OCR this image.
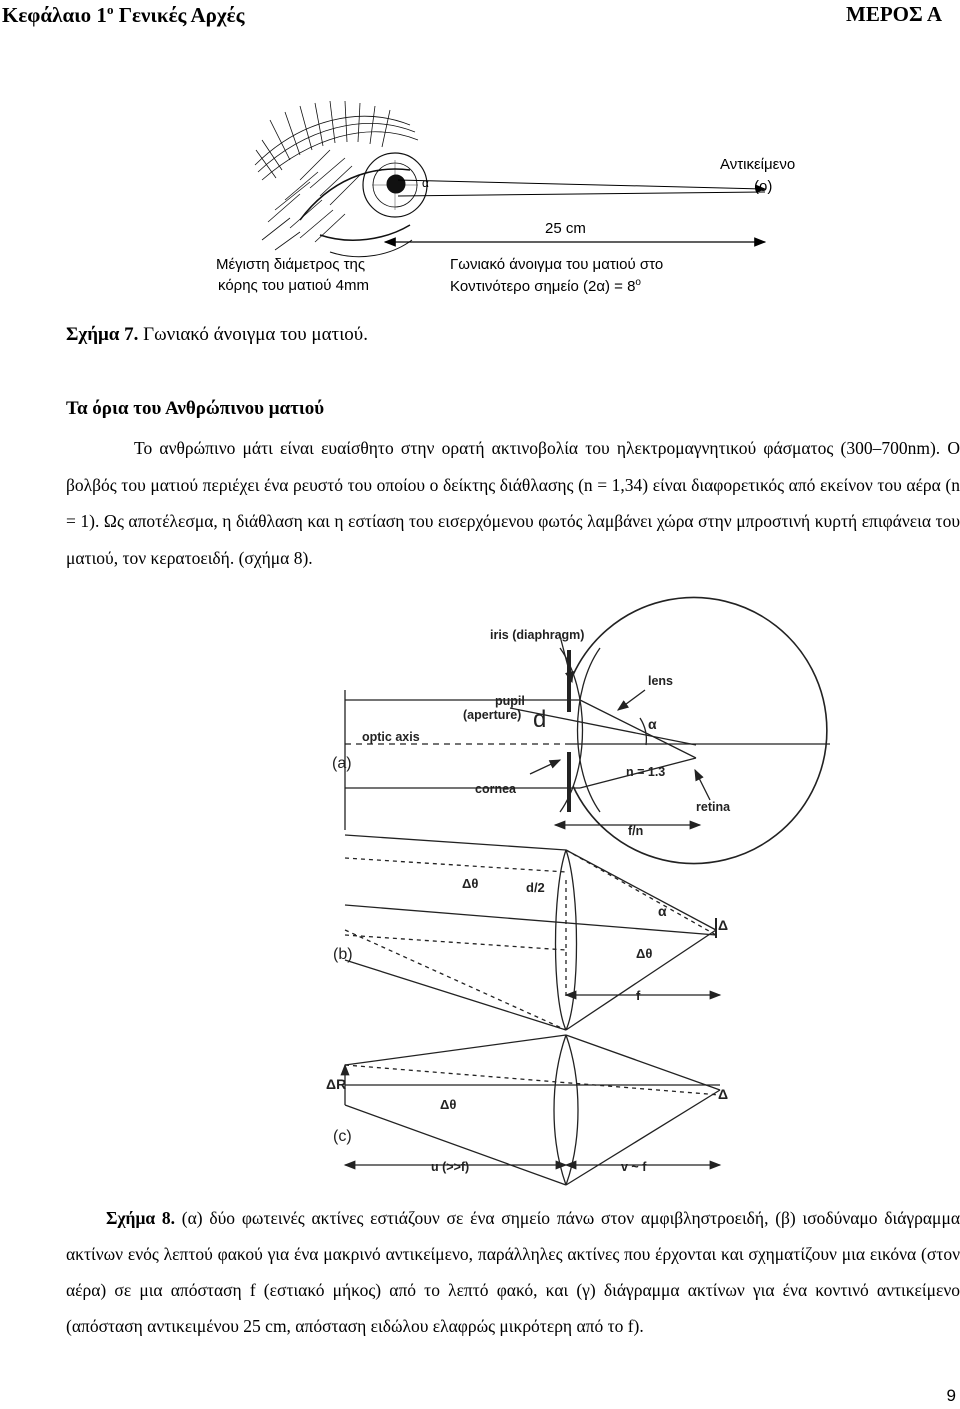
Κεφάλαιο $1^o$ Γενικές Αρχές	ΜΕΡΟΣ Α
α
Αντικείμενο
(ο)
25 cm
Μέγιστη διάμετρος της
κόρης του ματιού 4mm
Γωνιακό άνοιγμα του ματιού στο
Κοντινότερο σημείο $(2\alpha) = 8^o$
Σχήμα 7. Γωνιακό άνοιγμα του ματιού.
Τα όρια του Ανθρώπινου ματιού

Το ανθρώπινο μάτι είναι ευαίσθητο στην ορατή ακτινοβολία του ηλεκτρομαγνητικού φάσματος (300–700nm). Ο βολβός του ματιού περιέχει ένα ρευστό του οποίου ο δείκτης διάθλασης (n = 1,34) είναι διαφορετικός από εκείνον του αέρα (n = 1). Ως αποτέλεσμα, η διάθλαση και η εστίαση του εισερχόμενου φωτός λαμβάνει χώρα στην μπροστινή κυρτή επιφάνεια του ματιού, τον κερατοειδή. (σχήμα 8).

iris (diaphragm)
lens
pupil
(aperture) d
optic axis
α
(a)	n = 1.3
cornea
retina
f/n
Δθ	d/2
α
Δ
(b)	Δθ
f
ΔR
Δ
Δθ
(c)
u (>>f)	v ~ f

Σχήμα 8. (α) δύο φωτεινές ακτίνες εστιάζουν σε ένα σημείο πάνω στον αμφιβληστροειδή, (β) ισοδύναμο διάγραμμα ακτίνων ενός λεπτού φακού για ένα μακρινό αντικείμενο, παράλληλες ακτίνες που έρχονται και σχηματίζουν μια εικόνα (στον αέρα) σε μια απόσταση f (εστιακό μήκος) από το λεπτό φακό, και (γ) διάγραμμα ακτίνων για ένα κοντινό αντικείμενο (απόσταση αντικειμένου 25 cm, απόσταση ειδώλου ελαφρώς μικρότερη από το f).

9
